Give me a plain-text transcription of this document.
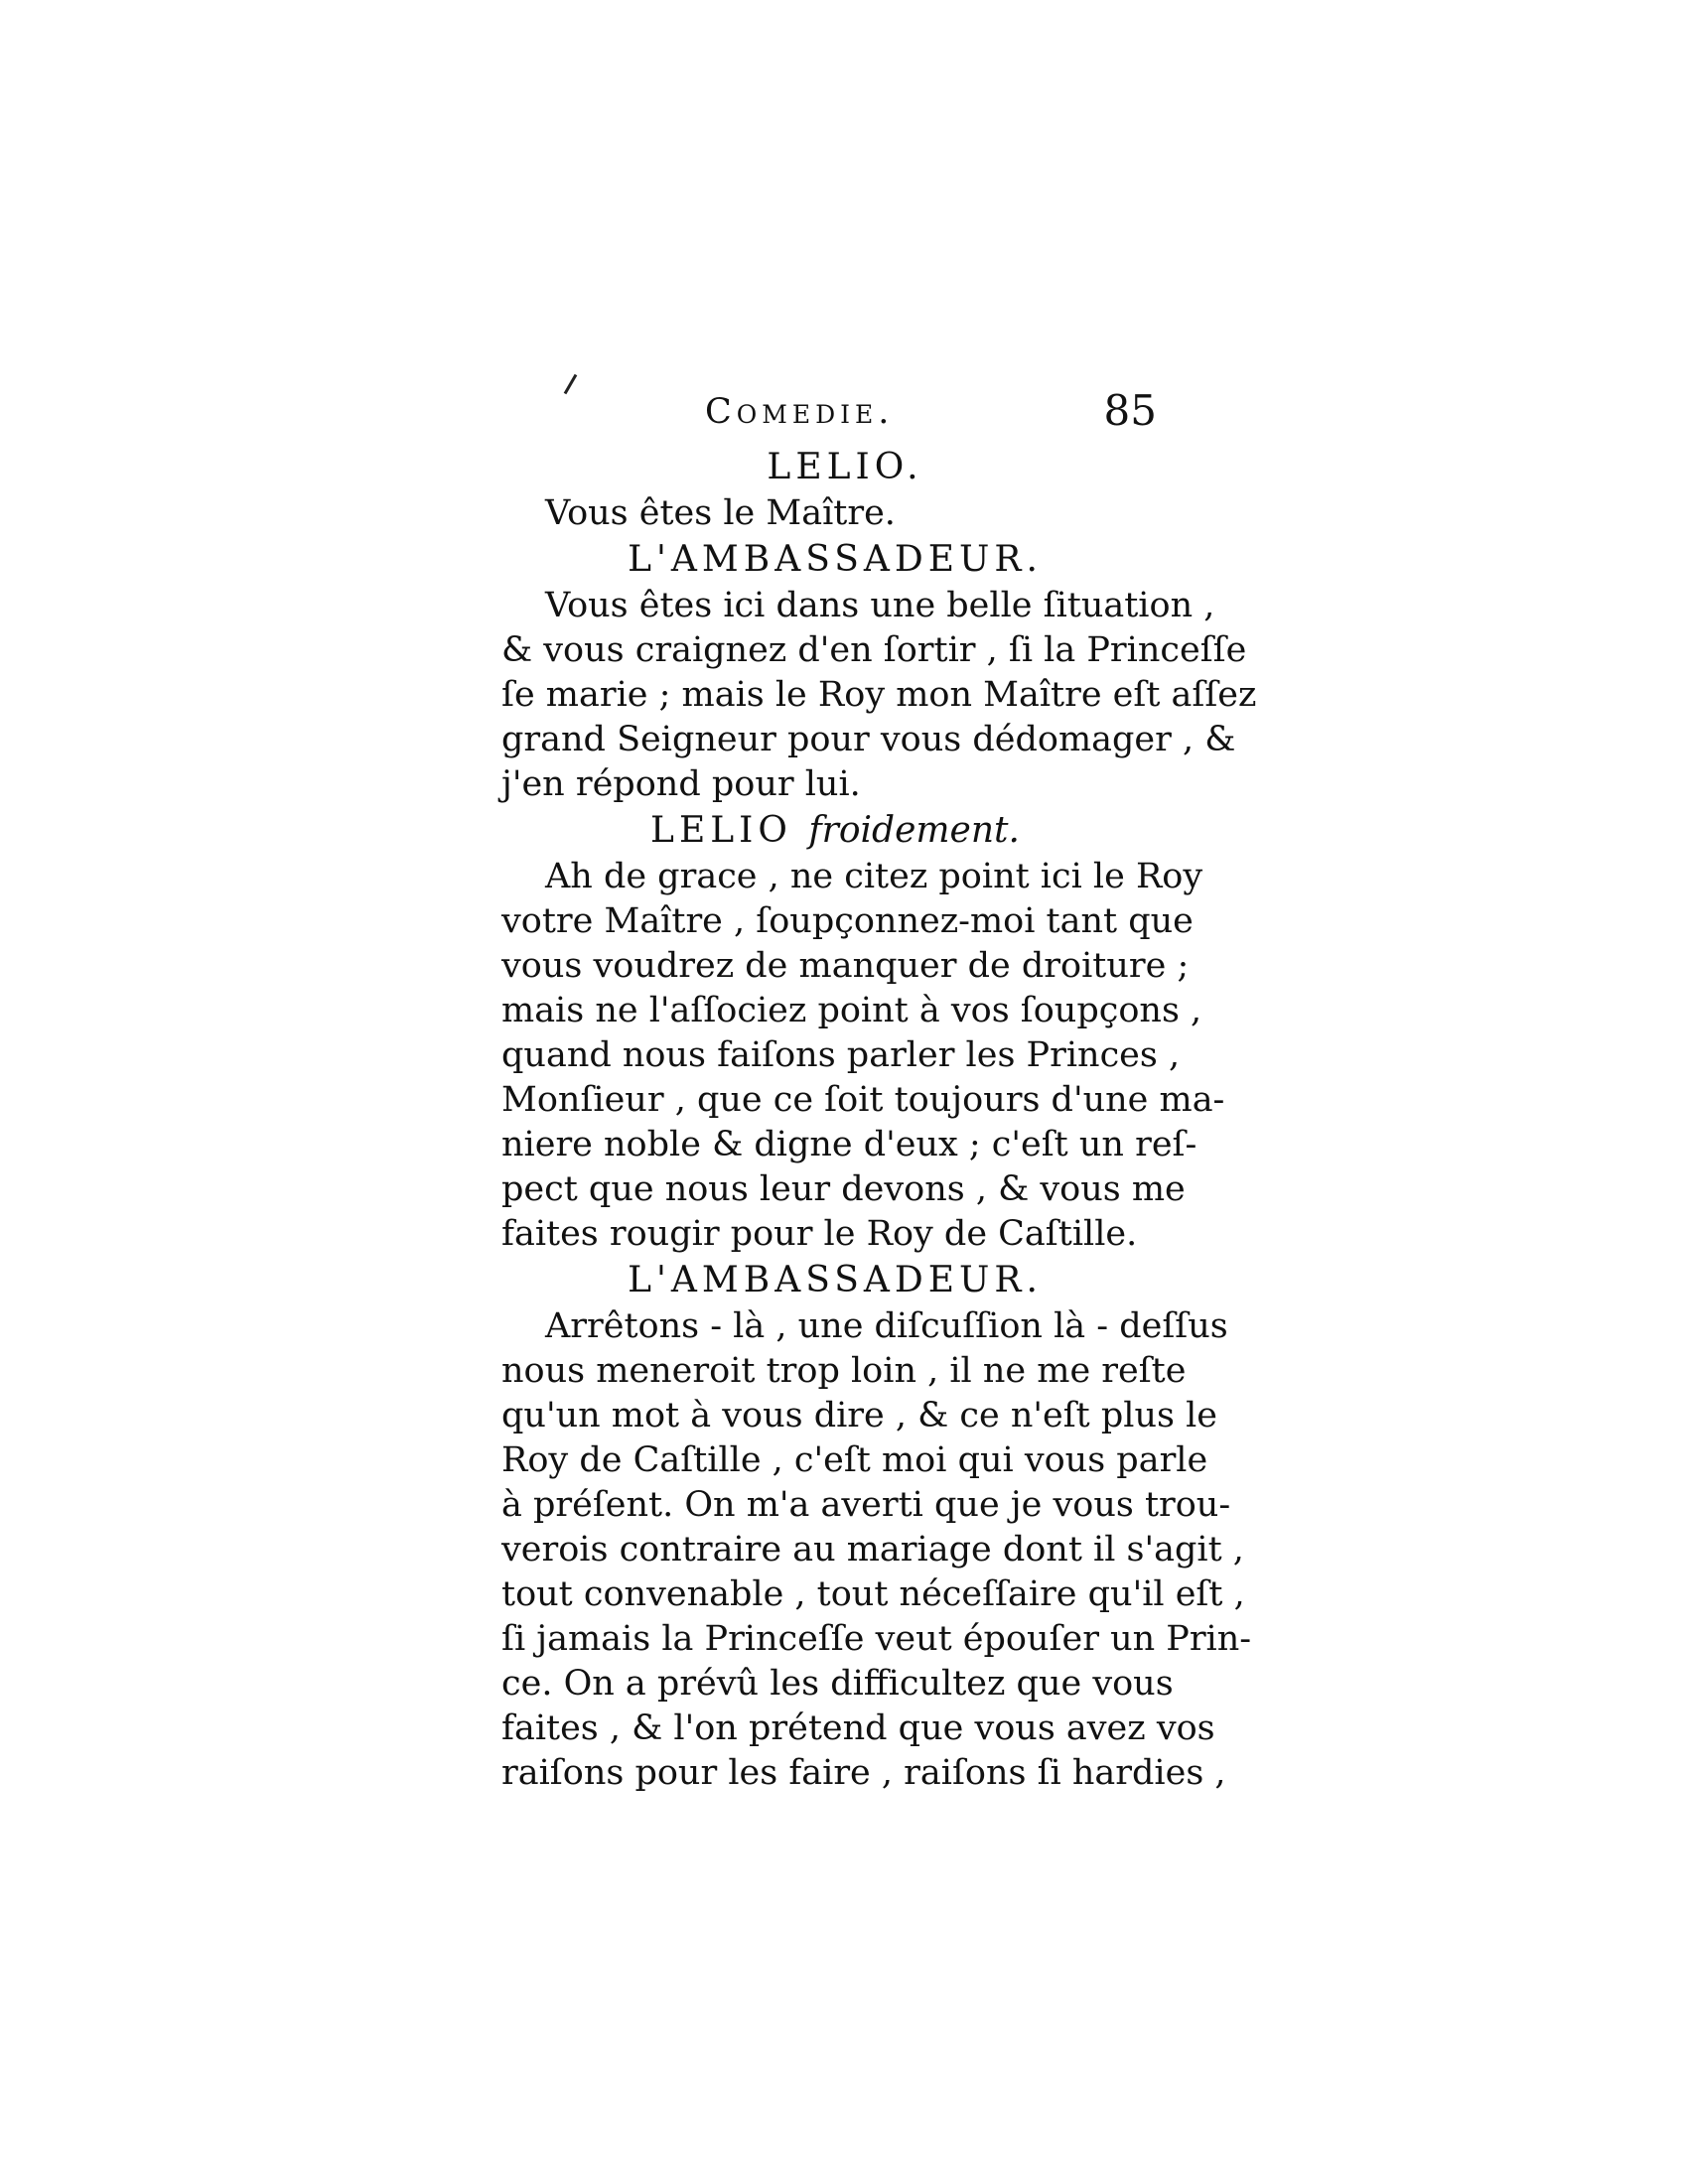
Comedie.	85
LELIO.
Vous êtes le Maître.
L'AMBASSADEUR.
Vous êtes ici dans une belle ſituation ,
& vous craignez d'en ſortir , ſi la Princeſſe
ſe marie ; mais le Roy mon Maître eſt aſſez
grand Seigneur pour vous dédomager , &
j'en répond pour lui.
LELIO froidement.
Ah de grace , ne citez point ici le Roy
votre Maître , ſoupçonnez-moi tant que
vous voudrez de manquer de droiture ;
mais ne l'aſſociez point à vos ſoupçons ,
quand nous faiſons parler les Princes ,
Monſieur , que ce ſoit toujours d'une ma-
niere noble & digne d'eux ; c'eſt un reſ-
pect que nous leur devons , & vous me
faites rougir pour le Roy de Caſtille.
L'AMBASSADEUR.
Arrêtons - là , une diſcuſſion là - deſſus
nous meneroit trop loin , il ne me reſte
qu'un mot à vous dire , & ce n'eſt plus le
Roy de Caſtille , c'eſt moi qui vous parle
à préſent. On m'a averti que je vous trou-
verois contraire au mariage dont il s'agit ,
tout convenable , tout néceſſaire qu'il eſt ,
ſi jamais la Princeſſe veut épouſer un Prin-
ce. On a prévû les difficultez que vous
faites , & l'on prétend que vous avez vos
raiſons pour les faire , raiſons ſi hardies ,
